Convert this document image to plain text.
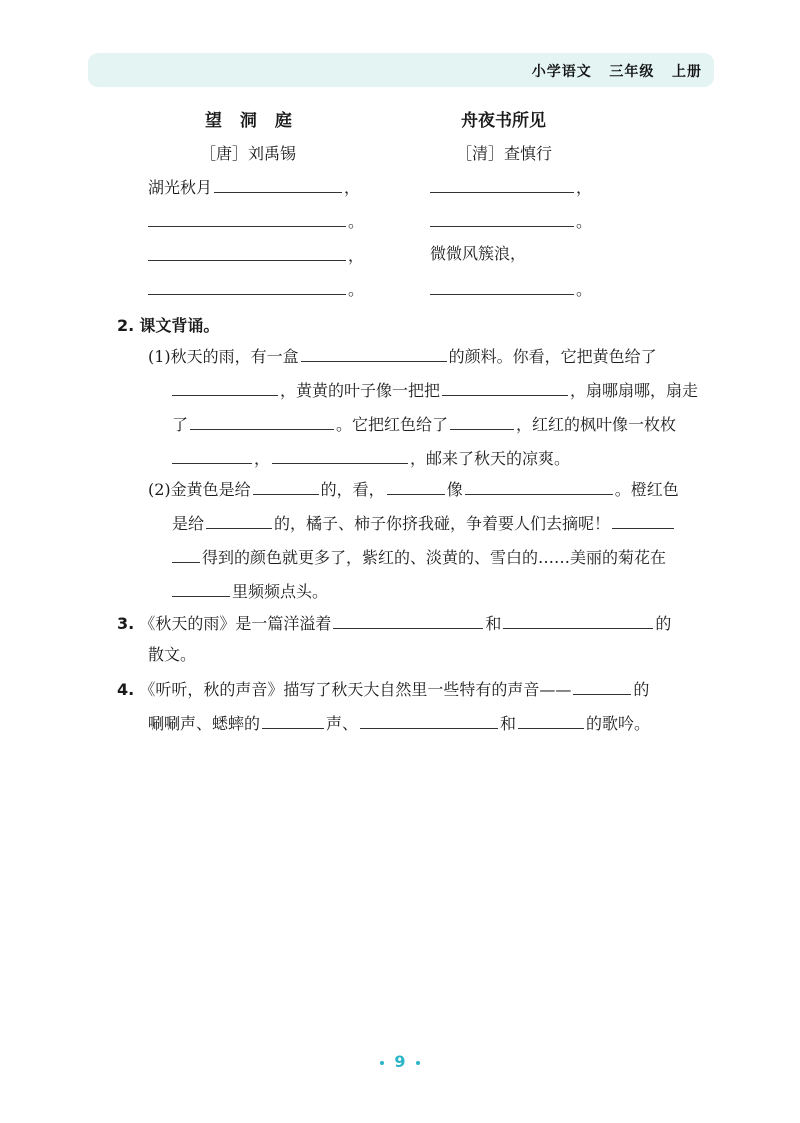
小学语文   三年级   上册
望 洞 庭
［唐］刘禹锡
湖光秋月	，
。
，
。
舟夜书所见
［清］查慎行
，
。
微微风簇浪，
。
2. 课文背诵。
(1)秋天的雨，有一盒	的颜料。你看，它把黄色给了
，黄黄的叶子像一把把	，扇哪扇哪，扇走
了	。它把红色给了	，红红的枫叶像一枚枚
，	，邮来了秋天的凉爽。
(2)金黄色是给	的，看，	像	。橙红色
是给	的，橘子、柿子你挤我碰，争着要人们去摘呢！
得到的颜色就更多了，紫红的、淡黄的、雪白的……美丽的菊花在
里频频点头。
3. 《秋天的雨》是一篇洋溢着	和	的
散文。
4. 《听听，秋的声音》描写了秋天大自然里一些特有的声音——	的
唰唰声、蟋蟀的	声、	和	的歌吟。
9
